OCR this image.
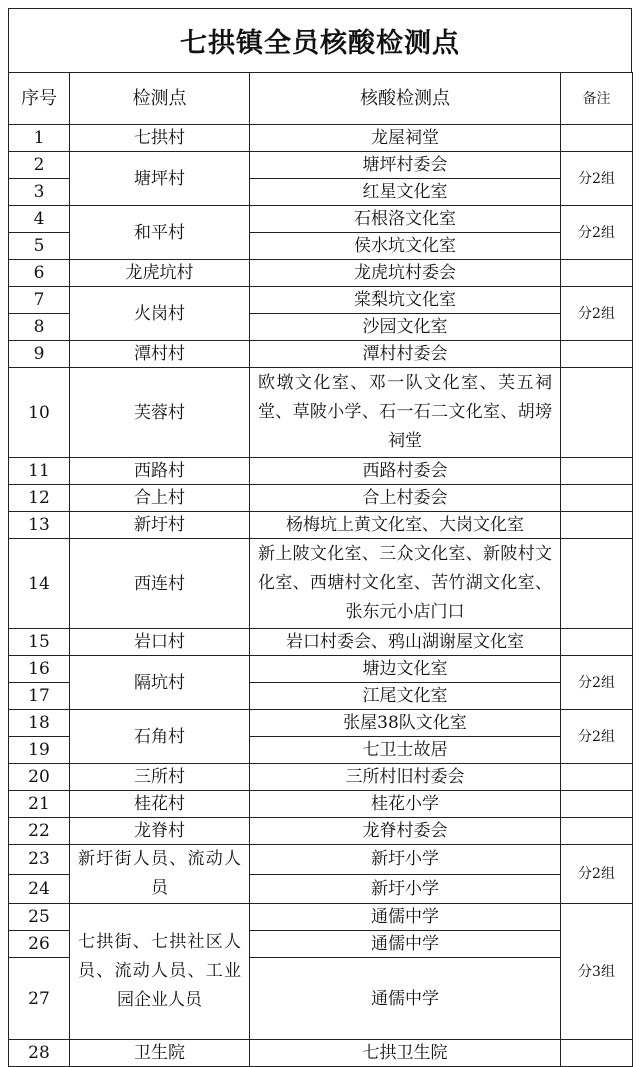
七拱镇全员核酸检测点
序号	检测点	核酸检测点	备注
1	七拱村	龙屋祠堂	
2	塘坪村	塘坪村委会	分2组
3		红星文化室	
4	和平村	石根洛文化室	分2组
5		侯水坑文化室	
6	龙虎坑村	龙虎坑村委会	
7	火岗村	棠梨坑文化室	分2组
8		沙园文化室	
9	潭村村	潭村村委会	
10	芙蓉村	欧墩文化室、邓一队文化室、芙五祠堂、草陂小学、石一石二文化室、胡塝祠堂	
11	西路村	西路村委会	
12	合上村	合上村委会	
13	新圩村	杨梅坑上黄文化室、大岗文化室	
14	西连村	新上陂文化室、三众文化室、新陂村文化室、西塘村文化室、苦竹湖文化室、张东元小店门口	
15	岩口村	岩口村委会、鸦山湖谢屋文化室	
16	隔坑村	塘边文化室	分2组
17		江尾文化室	
18	石角村	张屋38队文化室	分2组
19		七卫士故居	
20	三所村	三所村旧村委会	
21	桂花村	桂花小学	
22	龙脊村	龙脊村委会	
23	新圩街人员、流动人员	新圩小学	分2组
24		新圩小学	
25	七拱街、七拱社区人员、流动人员、工业园企业人员	通儒中学	分3组
26		通儒中学	
27		通儒中学	
28	卫生院	七拱卫生院	
